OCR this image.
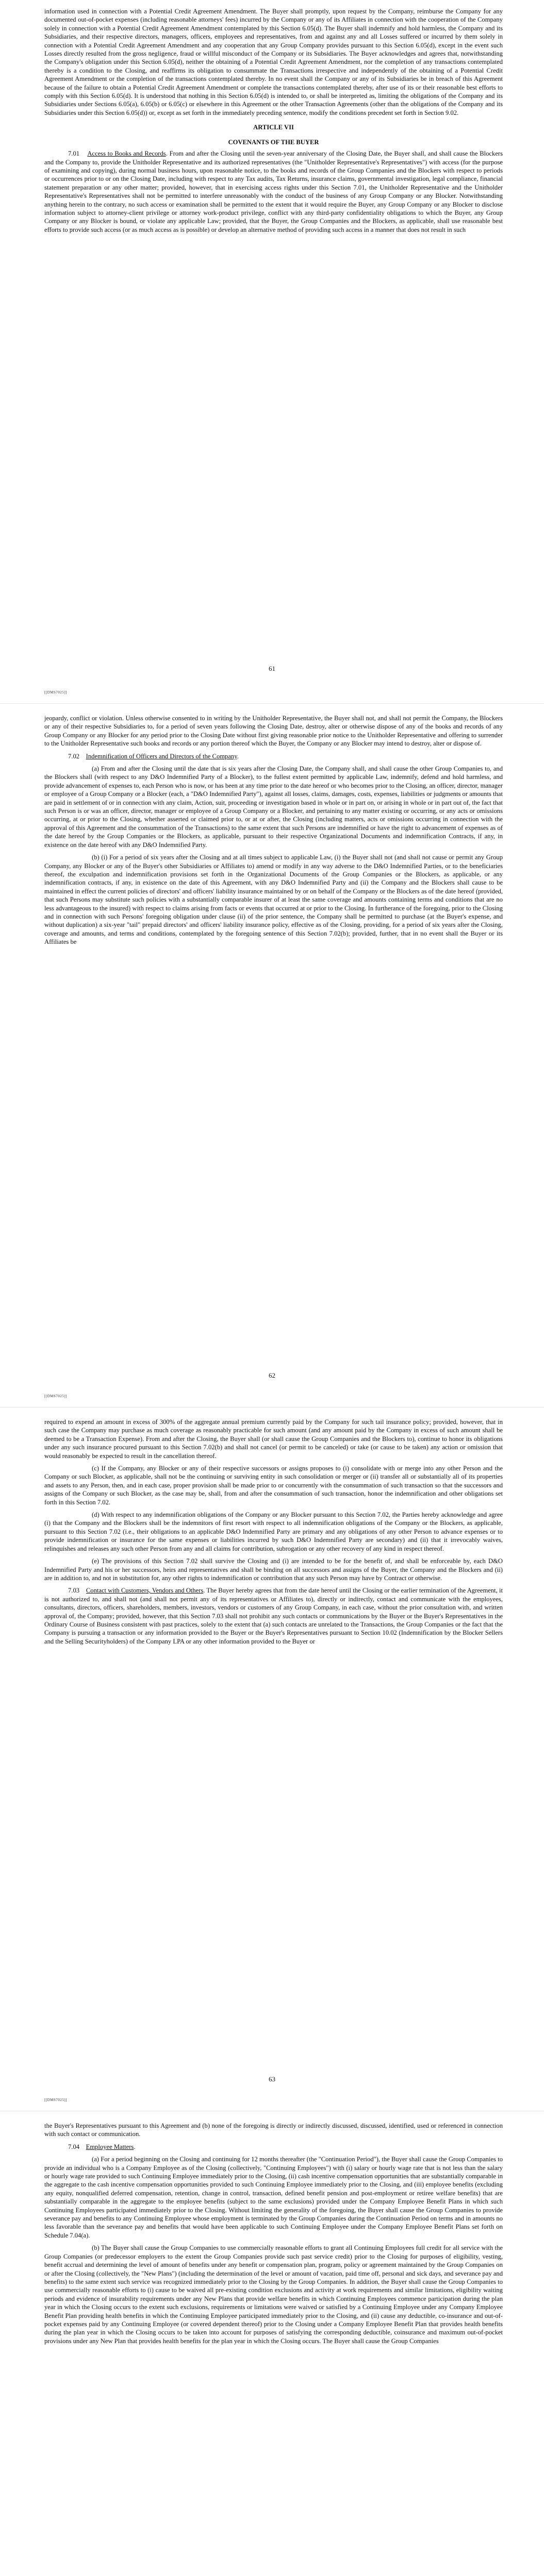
information used in connection with a Potential Credit Agreement Amendment. The Buyer shall promptly, upon request by the Company, reimburse the Company for any documented out-of-pocket expenses (including reasonable attorneys' fees) incurred by the Company or any of its Affiliates in connection with the cooperation of the Company solely in connection with a Potential Credit Agreement Amendment contemplated by this Section 6.05(d). The Buyer shall indemnify and hold harmless, the Company and its Subsidiaries, and their respective directors, managers, officers, employees and representatives, from and against any and all Losses suffered or incurred by them solely in connection with a Potential Credit Agreement Amendment and any cooperation that any Group Company provides pursuant to this Section 6.05(d), except in the event such Losses directly resulted from the gross negligence, fraud or willful misconduct of the Company or its Subsidiaries. The Buyer acknowledges and agrees that, notwithstanding the Company's obligation under this Section 6.05(d), neither the obtaining of a Potential Credit Agreement Amendment, nor the completion of any transactions contemplated thereby is a condition to the Closing, and reaffirms its obligation to consummate the Transactions irrespective and independently of the obtaining of a Potential Credit Agreement Amendment or the completion of the transactions contemplated thereby. In no event shall the Company or any of its Subsidiaries be in breach of this Agreement because of the failure to obtain a Potential Credit Agreement Amendment or complete the transactions contemplated thereby, after use of its or their reasonable best efforts to comply with this Section 6.05(d). It is understood that nothing in this Section 6.05(d) is intended to, or shall be interpreted as, limiting the obligations of the Company and its Subsidiaries under Sections 6.05(a), 6.05(b) or 6.05(c) or elsewhere in this Agreement or the other Transaction Agreements (other than the obligations of the Company and its Subsidiaries under this Section 6.05(d)) or, except as set forth in the immediately preceding sentence, modify the conditions precedent set forth in Section 9.02.

ARTICLE VII

COVENANTS OF THE BUYER

7.01 Access to Books and Records. From and after the Closing until the seven-year anniversary of the Closing Date, the Buyer shall, and shall cause the Blockers and the Company to, provide the Unitholder Representative and its authorized representatives (the "Unitholder Representative's Representatives") with access (for the purpose of examining and copying), during normal business hours, upon reasonable notice, to the books and records of the Group Companies and the Blockers with respect to periods or occurrences prior to or on the Closing Date, including with respect to any Tax audits, Tax Returns, insurance claims, governmental investigation, legal compliance, financial statement preparation or any other matter; provided, however, that in exercising access rights under this Section 7.01, the Unitholder Representative and the Unitholder Representative's Representatives shall not be permitted to interfere unreasonably with the conduct of the business of any Group Company or any Blocker. Notwithstanding anything herein to the contrary, no such access or examination shall be permitted to the extent that it would require the Buyer, any Group Company or any Blocker to disclose information subject to attorney-client privilege or attorney work-product privilege, conflict with any third-party confidentiality obligations to which the Buyer, any Group Company or any Blocker is bound, or violate any applicable Law; provided, that the Buyer, the Group Companies and the Blockers, as applicable, shall use reasonable best efforts to provide such access (or as much access as is possible) or develop an alternative method of providing such access in a manner that does not result in such

61
[[DMS7025]]

jeopardy, conflict or violation. Unless otherwise consented to in writing by the Unitholder Representative, the Buyer shall not, and shall not permit the Company, the Blockers or any of their respective Subsidiaries to, for a period of seven years following the Closing Date, destroy, alter or otherwise dispose of any of the books and records of any Group Company or any Blocker for any period prior to the Closing Date without first giving reasonable prior notice to the Unitholder Representative and offering to surrender to the Unitholder Representative such books and records or any portion thereof which the Buyer, the Company or any Blocker may intend to destroy, alter or dispose of.

7.02 Indemnification of Officers and Directors of the Company.

(a) From and after the Closing until the date that is six years after the Closing Date, the Company shall, and shall cause the other Group Companies to, and the Blockers shall (with respect to any D&O Indemnified Party of a Blocker), to the fullest extent permitted by applicable Law, indemnify, defend and hold harmless, and provide advancement of expenses to, each Person who is now, or has been at any time prior to the date hereof or who becomes prior to the Closing, an officer, director, manager or employee of a Group Company or a Blocker (each, a "D&O Indemnified Party"), against all losses, claims, damages, costs, expenses, liabilities or judgments or amounts that are paid in settlement of or in connection with any claim, Action, suit, proceeding or investigation based in whole or in part on, or arising in whole or in part out of, the fact that such Person is or was an officer, director, manager or employee of a Group Company or a Blocker, and pertaining to any matter existing or occurring, or any acts or omissions occurring, at or prior to the Closing, whether asserted or claimed prior to, or at or after, the Closing (including matters, acts or omissions occurring in connection with the approval of this Agreement and the consummation of the Transactions) to the same extent that such Persons are indemnified or have the right to advancement of expenses as of the date hereof by the Group Companies or the Blockers, as applicable, pursuant to their respective Organizational Documents and indemnification Contracts, if any, in existence on the date hereof with any D&O Indemnified Party.

(b) (i) For a period of six years after the Closing and at all times subject to applicable Law, (i) the Buyer shall not (and shall not cause or permit any Group Company, any Blocker or any of the Buyer's other Subsidiaries or Affiliates to) amend or modify in any way adverse to the D&O Indemnified Parties, or to the beneficiaries thereof, the exculpation and indemnification provisions set forth in the Organizational Documents of the Group Companies or the Blockers, as applicable, or any indemnification contracts, if any, in existence on the date of this Agreement, with any D&O Indemnified Party and (ii) the Company and the Blockers shall cause to be maintained in effect the current policies of directors' and officers' liability insurance maintained by or on behalf of the Company or the Blockers as of the date hereof (provided, that such Persons may substitute such policies with a substantially comparable insurer of at least the same coverage and amounts containing terms and conditions that are no less advantageous to the insured) with respect to claims arising from facts or events that occurred at or prior to the Closing. In furtherance of the foregoing, prior to the Closing and in connection with such Persons' foregoing obligation under clause (ii) of the prior sentence, the Company shall be permitted to purchase (at the Buyer's expense, and without duplication) a six-year "tail" prepaid directors' and officers' liability insurance policy, effective as of the Closing, providing, for a period of six years after the Closing, coverage and amounts, and terms and conditions, contemplated by the foregoing sentence of this Section 7.02(b); provided, further, that in no event shall the Buyer or its Affiliates be

62
[[DMS7025]]

required to expend an amount in excess of 300% of the aggregate annual premium currently paid by the Company for such tail insurance policy; provided, however, that in such case the Company may purchase as much coverage as reasonably practicable for such amount (and any amount paid by the Company in excess of such amount shall be deemed to be a Transaction Expense). From and after the Closing, the Buyer shall (or shall cause the Group Companies and the Blockers to), continue to honor its obligations under any such insurance procured pursuant to this Section 7.02(b) and shall not cancel (or permit to be canceled) or take (or cause to be taken) any action or omission that would reasonably be expected to result in the cancellation thereof.

(c) If the Company, any Blocker or any of their respective successors or assigns proposes to (i) consolidate with or merge into any other Person and the Company or such Blocker, as applicable, shall not be the continuing or surviving entity in such consolidation or merger or (ii) transfer all or substantially all of its properties and assets to any Person, then, and in each case, proper provision shall be made prior to or concurrently with the consummation of such transaction so that the successors and assigns of the Company or such Blocker, as the case may be, shall, from and after the consummation of such transaction, honor the indemnification and other obligations set forth in this Section 7.02.

(d) With respect to any indemnification obligations of the Company or any Blocker pursuant to this Section 7.02, the Parties hereby acknowledge and agree (i) that the Company and the Blockers shall be the indemnitors of first resort with respect to all indemnification obligations of the Company or the Blockers, as applicable, pursuant to this Section 7.02 (i.e., their obligations to an applicable D&O Indemnified Party are primary and any obligations of any other Person to advance expenses or to provide indemnification or insurance for the same expenses or liabilities incurred by such D&O Indemnified Party are secondary) and (ii) that it irrevocably waives, relinquishes and releases any such other Person from any and all claims for contribution, subrogation or any other recovery of any kind in respect thereof.

(e) The provisions of this Section 7.02 shall survive the Closing and (i) are intended to be for the benefit of, and shall be enforceable by, each D&O Indemnified Party and his or her successors, heirs and representatives and shall be binding on all successors and assigns of the Buyer, the Company and the Blockers and (ii) are in addition to, and not in substitution for, any other rights to indemnification or contribution that any such Person may have by Contract or otherwise.

7.03 Contact with Customers, Vendors and Others. The Buyer hereby agrees that from the date hereof until the Closing or the earlier termination of the Agreement, it is not authorized to, and shall not (and shall not permit any of its representatives or Affiliates to), directly or indirectly, contact and communicate with the employees, consultants, directors, officers, shareholders, members, investors, vendors or customers of any Group Company, in each case, without the prior consultation with, and written approval of, the Company; provided, however, that this Section 7.03 shall not prohibit any such contacts or communications by the Buyer or the Buyer's Representatives in the Ordinary Course of Business consistent with past practices, solely to the extent that (a) such contacts are unrelated to the Transactions, the Group Companies or the fact that the Company is pursuing a transaction or any information provided to the Buyer or the Buyer's Representatives pursuant to Section 10.02 (Indemnification by the Blocker Sellers and the Selling Securityholders) of the Company LPA or any other information provided to the Buyer or

63
[[DMS7025]]

the Buyer's Representatives pursuant to this Agreement and (b) none of the foregoing is directly or indirectly discussed, discussed, identified, used or referenced in connection with such contact or communication.

7.04 Employee Matters.

(a) For a period beginning on the Closing and continuing for 12 months thereafter (the "Continuation Period"), the Buyer shall cause the Group Companies to provide an individual who is a Company Employee as of the Closing (collectively, "Continuing Employees") with (i) salary or hourly wage rate that is not less than the salary or hourly wage rate provided to such Continuing Employee immediately prior to the Closing, (ii) cash incentive compensation opportunities that are substantially comparable in the aggregate to the cash incentive compensation opportunities provided to such Continuing Employee immediately prior to the Closing, and (iii) employee benefits (excluding any equity, nonqualified deferred compensation, retention, change in control, transaction, defined benefit pension and post-employment or retiree welfare benefits) that are substantially comparable in the aggregate to the employee benefits (subject to the same exclusions) provided under the Company Employee Benefit Plans in which such Continuing Employees participated immediately prior to the Closing. Without limiting the generality of the foregoing, the Buyer shall cause the Group Companies to provide severance pay and benefits to any Continuing Employee whose employment is terminated by the Group Companies during the Continuation Period on terms and in amounts no less favorable than the severance pay and benefits that would have been applicable to such Continuing Employee under the Company Employee Benefit Plans set forth on Schedule 7.04(a).

(b) The Buyer shall cause the Group Companies to use commercially reasonable efforts to grant all Continuing Employees full credit for all service with the Group Companies (or predecessor employers to the extent the Group Companies provide such past service credit) prior to the Closing for purposes of eligibility, vesting, benefit accrual and determining the level of amount of benefits under any benefit or compensation plan, program, policy or agreement maintained by the Group Companies on or after the Closing (collectively, the "New Plans") (including the determination of the level or amount of vacation, paid time off, personal and sick days, and severance pay and benefits) to the same extent such service was recognized immediately prior to the Closing by the Group Companies. In addition, the Buyer shall cause the Group Companies to use commercially reasonable efforts to (i) cause to be waived all pre-existing condition exclusions and activity at work requirements and similar limitations, eligibility waiting periods and evidence of insurability requirements under any New Plans that provide welfare benefits in which Continuing Employees commence participation during the plan year in which the Closing occurs to the extent such exclusions, requirements or limitations were waived or satisfied by a Continuing Employee under any Company Employee Benefit Plan providing health benefits in which the Continuing Employee participated immediately prior to the Closing, and (ii) cause any deductible, co-insurance and out-of-pocket expenses paid by any Continuing Employee (or covered dependent thereof) prior to the Closing under a Company Employee Benefit Plan that provides health benefits during the plan year in which the Closing occurs to be taken into account for purposes of satisfying the corresponding deductible, coinsurance and maximum out-of-pocket provisions under any New Plan that provides health benefits for the plan year in which the Closing occurs. The Buyer shall cause the Group Companies
